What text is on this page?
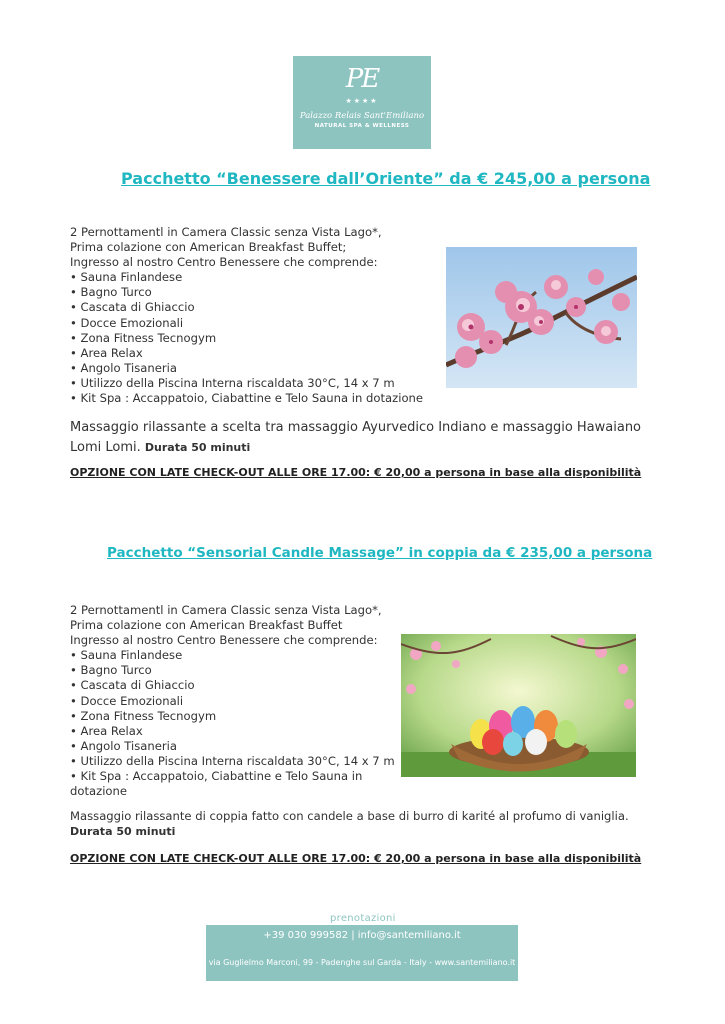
PE
★★★★
Palazzo Relais Sant'Emiliano
NATURAL SPA & WELLNESS
Pacchetto “Benessere dall’Oriente” da € 245,00 a persona
2 Pernottamentl in Camera Classic senza Vista Lago*,
Prima colazione con American Breakfast Buffet;
Ingresso al nostro Centro Benessere che comprende:
• Sauna Finlandese
• Bagno Turco
• Cascata di Ghiaccio
• Docce Emozionali
• Zona Fitness Tecnogym
• Area Relax
• Angolo Tisaneria
• Utilizzo della Piscina Interna riscaldata 30°C, 14 x 7 m
• Kit Spa : Accappatoio, Ciabattine e Telo Sauna in dotazione
Massaggio rilassante a scelta tra massaggio Ayurvedico Indiano e massaggio Hawaiano Lomi Lomi. Durata 50 minuti
OPZIONE CON LATE CHECK-OUT ALLE ORE 17.00: € 20,00 a persona in base alla disponibilità
Pacchetto “Sensorial Candle Massage” in coppia da € 235,00 a persona
2 Pernottamentl in Camera Classic senza Vista Lago*,
Prima colazione con American Breakfast Buffet
Ingresso al nostro Centro Benessere che comprende:
• Sauna Finlandese
• Bagno Turco
• Cascata di Ghiaccio
• Docce Emozionali
• Zona Fitness Tecnogym
• Area Relax
• Angolo Tisaneria
• Utilizzo della Piscina Interna riscaldata 30°C, 14 x 7 m
• Kit Spa : Accappatoio, Ciabattine e Telo Sauna in dotazione
Massaggio rilassante di coppia fatto con candele a base di burro di karité al profumo di vaniglia.
Durata 50 minuti
OPZIONE CON LATE CHECK-OUT ALLE ORE 17.00: € 20,00 a persona in base alla disponibilità
prenotazioni
+39 030 999582 | info@santemiliano.it
via Guglielmo Marconi, 99 - Padenghe sul Garda - Italy - www.santemiliano.it
